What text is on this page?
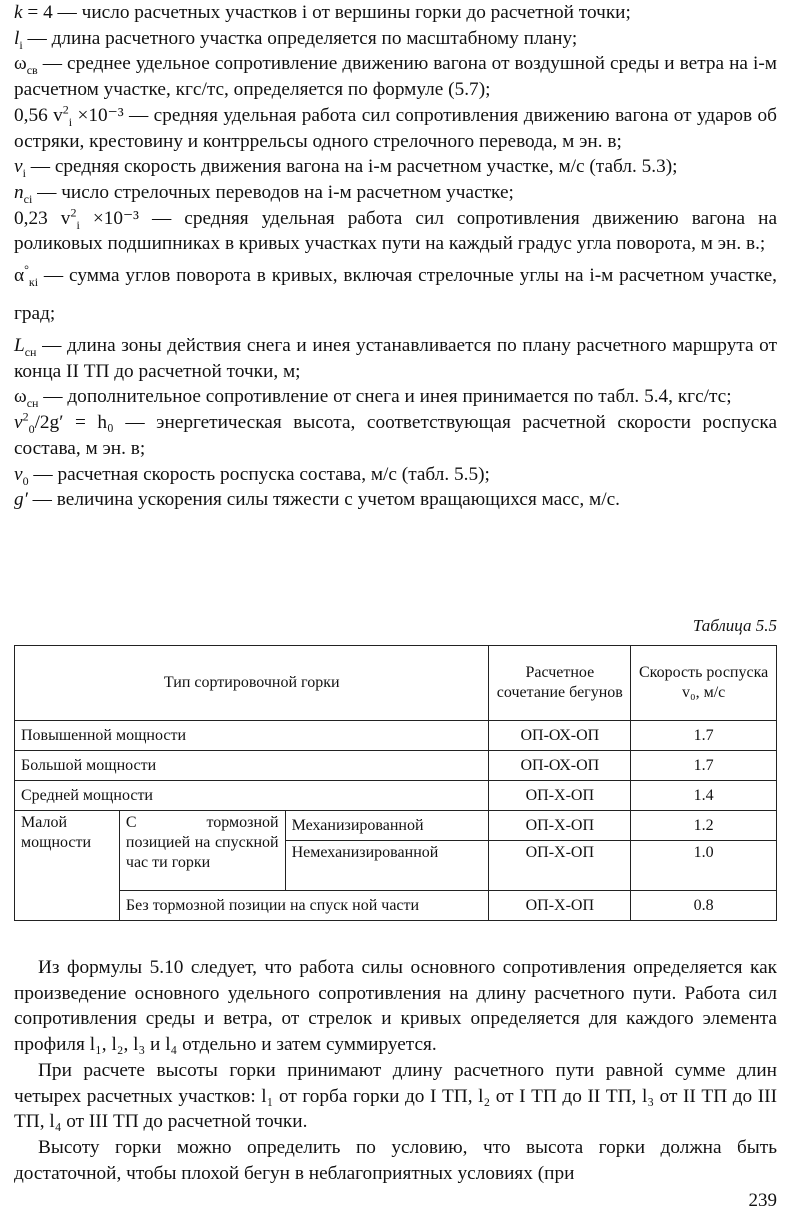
k = 4 — число расчетных участков i от вершины горки до расчетной точки;
$l_i$ — длина расчетного участка определяется по масштабному плану;
$\omega_{св}$ — среднее удельное сопротивление движению вагона от воздушной среды и ветра на i-м расчетном участке, кгс/тс, определяется по формуле (5.7);
0,56 $v^2_i \times 10^{-3}$ — средняя удельная работа сил сопротивления движению вагона от ударов об остряки, крестовину и контррельсы одного стрелочного перевода, м эн. в;
$v_i$ — средняя скорость движения вагона на i-м расчетном участке, м/с (табл. 5.3);
$n_{ci}$ — число стрелочных переводов на i-м расчетном участке;
0,23 $v^2_i \times 10^{-3}$ — средняя удельная работа сил сопротивления движению вагона на роликовых подшипниках в кривых участках пути на каждый градус угла поворота, м эн. в.;
$\alpha^\circ_{кi}$ — сумма углов поворота в кривых, включая стрелочные углы на i-м расчетном участке, град;
$L_{сн}$ — длина зоны действия снега и инея устанавливается по плану расчетного маршрута от конца II ТП до расчетной точки, м;
$\omega_{сн}$ — дополнительное сопротивление от снега и инея принимается по табл. 5.4, кгс/тс;
$v^2_0/2g' = h_0$ — энергетическая высота, соответствующая расчетной скорости роспуска состава, м эн. в;
$v_0$ — расчетная скорость роспуска состава, м/с (табл. 5.5);
g′ — величина ускорения силы тяжести с учетом вращающихся масс, м/с.
Таблица 5.5
Тип сортировочной горки			Расчетное сочетание бегунов	Скорость роспуска v₀, м/с
Повышенной мощности			ОП-ОХ-ОП	1.7
Большой мощности			ОП-ОХ-ОП	1.7
Средней мощности			ОП-Х-ОП	1.4
Малой мощности	С тормозной позицией на спускной час ти горки	Механизированной	ОП-Х-ОП	1.2
		Немеханизированной	ОП-Х-ОП	1.0
	Без тормозной позиции на спуск ной части		ОП-Х-ОП	0.8

Из формулы 5.10 следует, что работа силы основного сопротивления определяется как произведение основного удельного сопротивления на длину расчетного пути. Работа сил сопротивления среды и ветра, от стрелок и кривых определяется для каждого элемента профиля l₁, l₂, l₃ и l₄ отдельно и затем суммируется.

При расчете высоты горки принимают длину расчетного пути равной сумме длин четырех расчетных участков: l₁ от горба горки до I ТП, l₂ от I ТП до II ТП, l₃ от II ТП до III ТП, l₄ от III ТП до расчетной точки.

Высоту горки можно определить по условию, что высота горки должна быть достаточной, чтобы плохой бегун в неблагоприятных условиях (при

239
